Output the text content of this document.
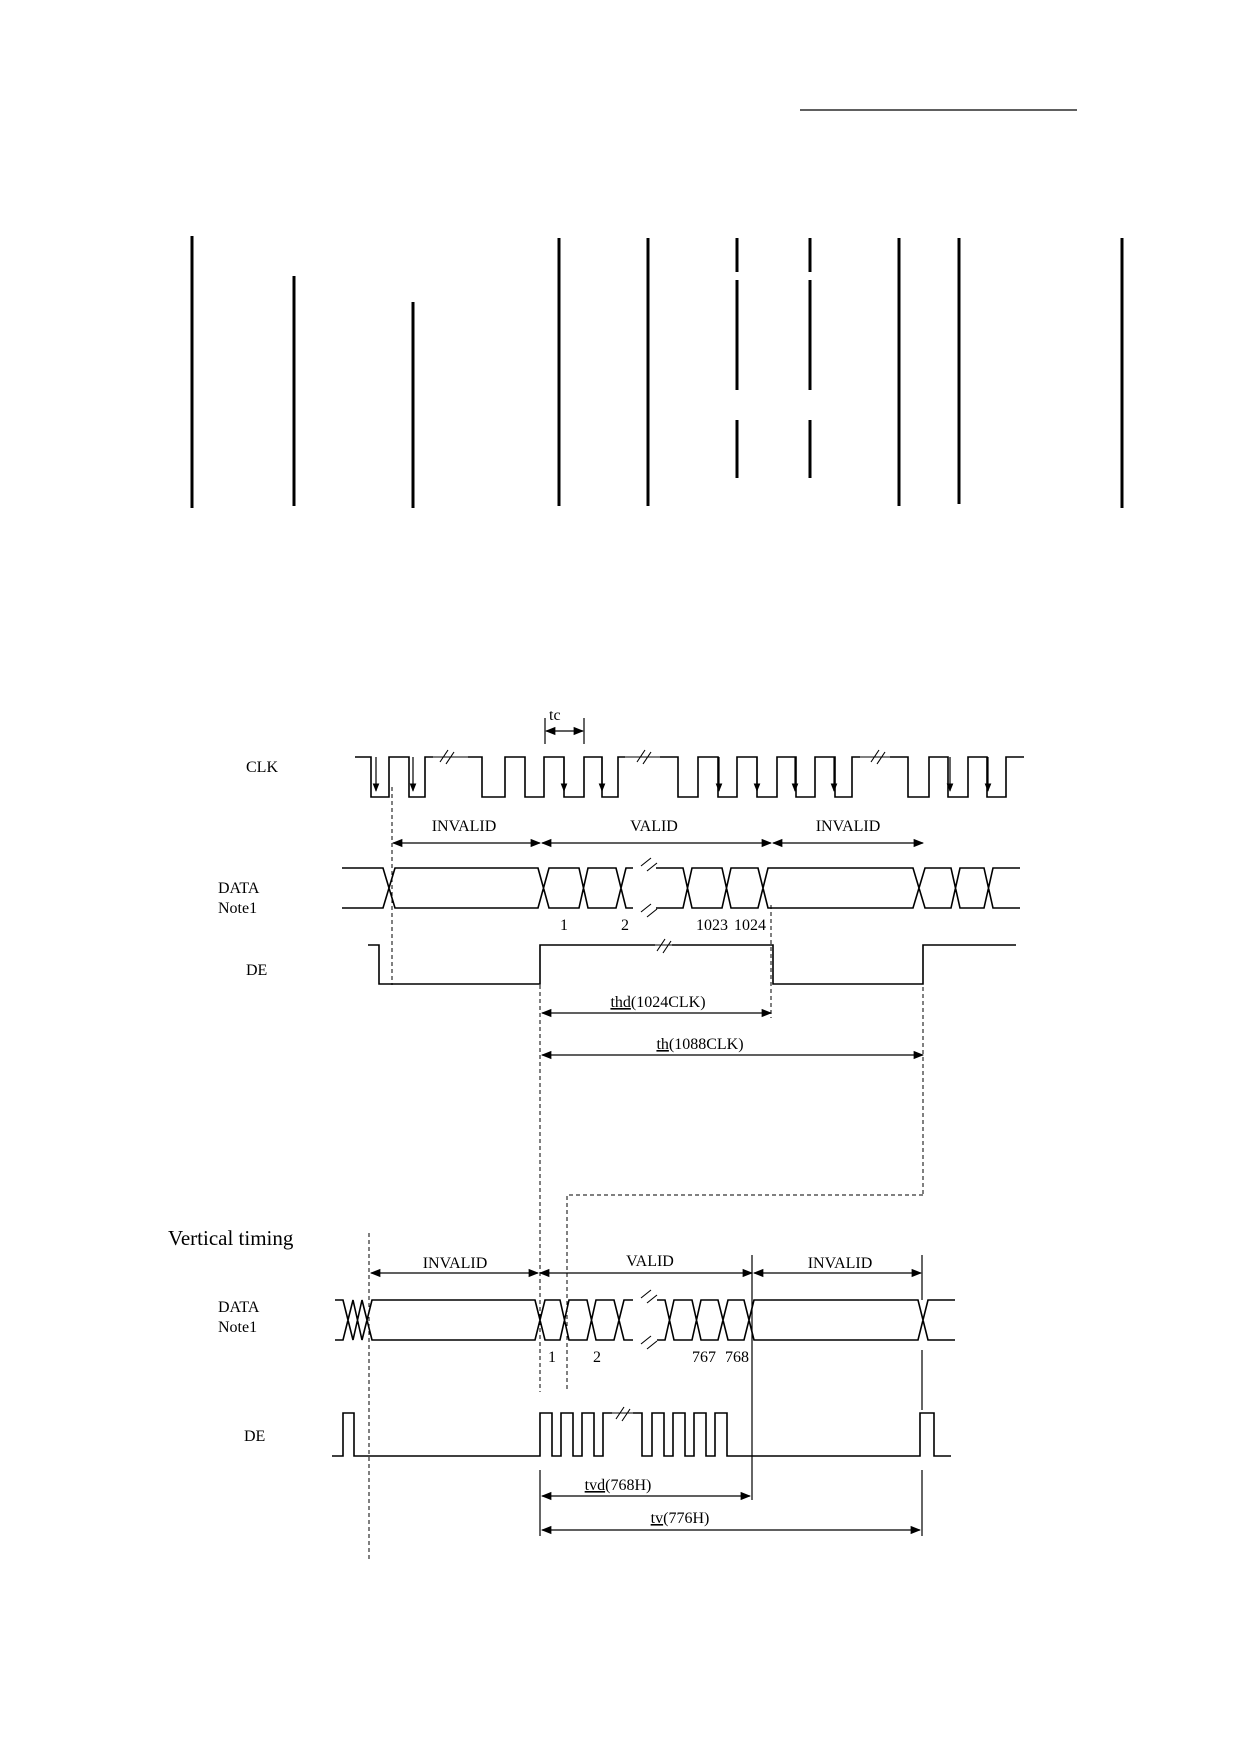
tc
CLK
INVALID	VALID	INVALID
DATA
Note1
1	2	1023 1024
DE
thd(1024CLK)
th(1088CLK)
Vertical timing
INVALID	VALID	INVALID
DATA
Note1
1 2	767 768
DE
tvd(768H)
tv(776H)
